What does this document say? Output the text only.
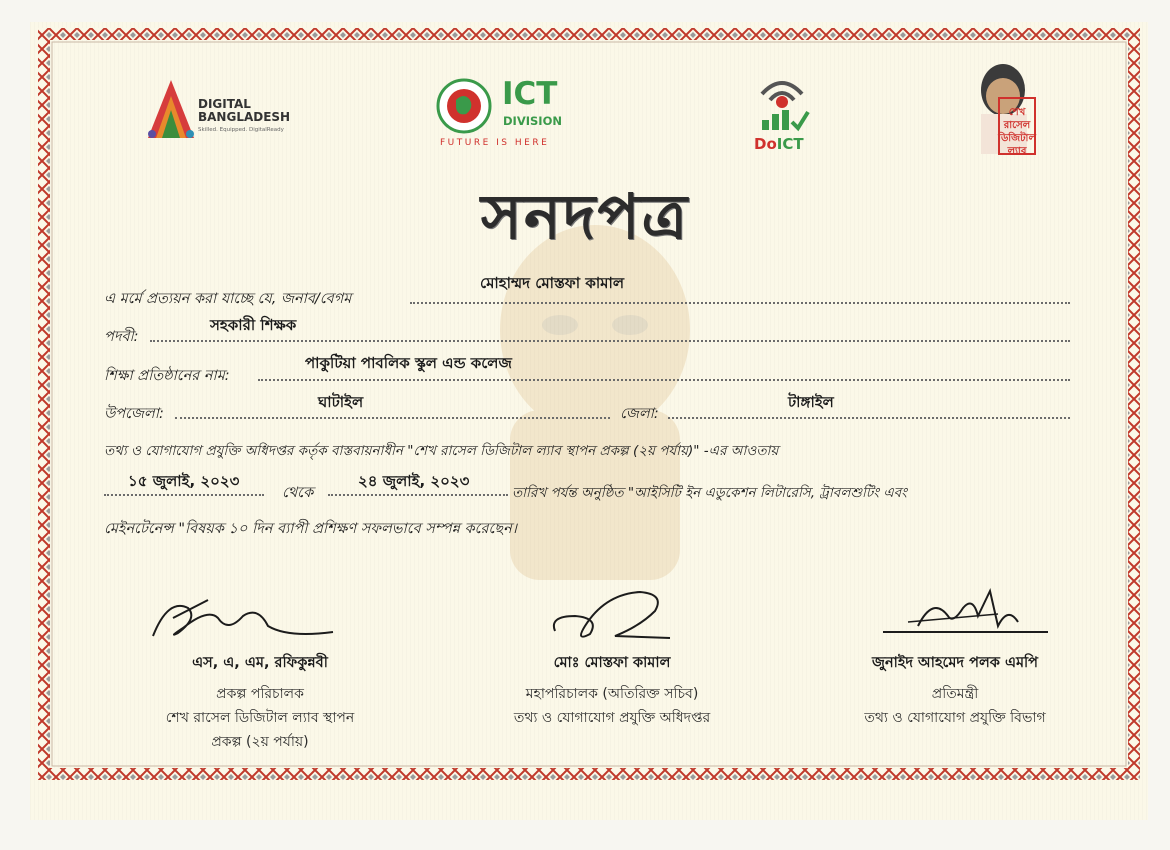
DIGITAL
BANGLADESH
Skilled. Equipped. DigitalReady
ICT
DIVISION
FUTURE IS HERE	DoICT
শেখ রাসেল ডিজিটাল ল্যাব
সনদপত্র
এ মর্মে প্রত্যয়ন করা যাচ্ছে যে, জনাব/বেগম
মোহাম্মদ মোস্তফা কামাল
পদবী:
সহকারী শিক্ষক
শিক্ষা প্রতিষ্ঠানের নাম:
পাকুটিয়া পাবলিক স্কুল এন্ড কলেজ
উপজেলা:
ঘাটাইল
জেলা:
টাঙ্গাইল
তথ্য ও যোগাযোগ প্রযুক্তি অধিদপ্তর কর্তৃক বাস্তবায়নাধীন "শেখ রাসেল ডিজিটাল ল্যাব স্থাপন প্রকল্প (২য় পর্যায়)" -এর আওতায়
১৫ জুলাই, ২০২৩
থেকে
২৪ জুলাই, ২০২৩
তারিখ পর্যন্ত অনুষ্ঠিত "আইসিটি ইন এডুকেশন লিটারেসি, ট্রাবলশুটিং এবং
মেইনটেনেন্স "বিষয়ক ১০ দিন ব্যাপী প্রশিক্ষণ সফলভাবে সম্পন্ন করেছেন।
এস, এ, এম, রফিকুন্নবী
প্রকল্প পরিচালক
শেখ রাসেল ডিজিটাল ল্যাব স্থাপন
প্রকল্প (২য় পর্যায়)
মোঃ মোস্তফা কামাল
মহাপরিচালক (অতিরিক্ত সচিব)
তথ্য ও যোগাযোগ প্রযুক্তি অধিদপ্তর
জুনাইদ আহমেদ পলক এমপি
প্রতিমন্ত্রী
তথ্য ও যোগাযোগ প্রযুক্তি বিভাগ
